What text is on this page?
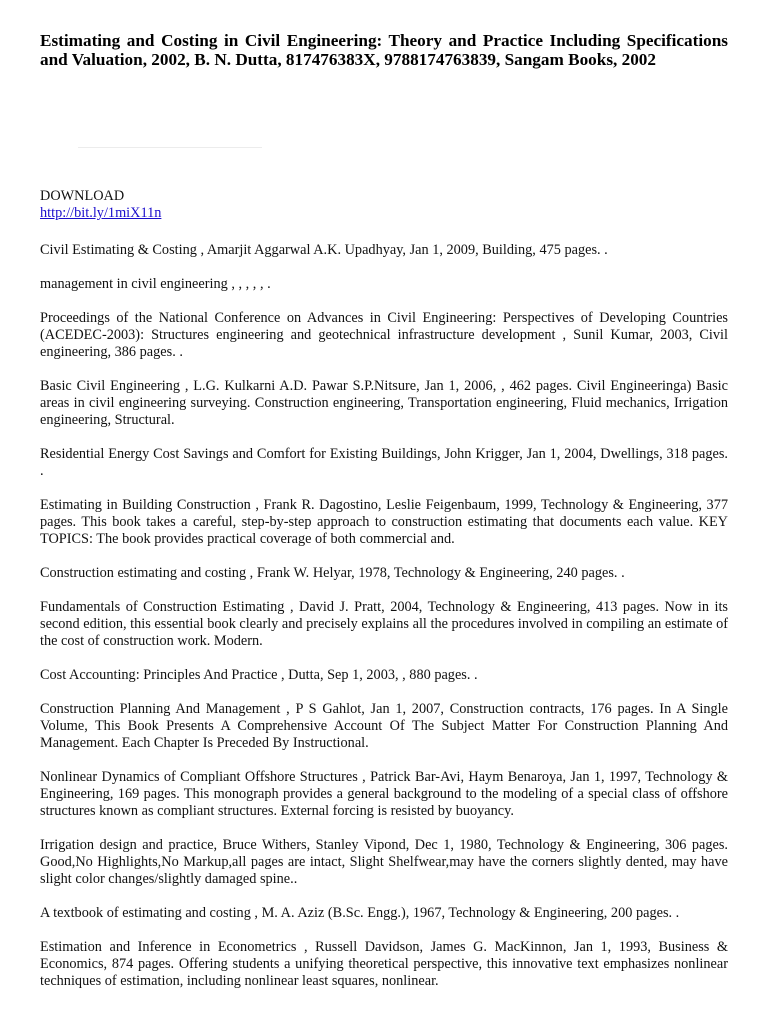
Estimating and Costing in Civil Engineering: Theory and Practice Including Specifications and Valuation, 2002, B. N. Dutta, 817476383X, 9788174763839, Sangam Books, 2002
DOWNLOAD
http://bit.ly/1miX11n

Civil Estimating & Costing , Amarjit Aggarwal A.K. Upadhyay, Jan 1, 2009, Building, 475 pages. .

management in civil engineering , , , , , .

Proceedings of the National Conference on Advances in Civil Engineering: Perspectives of Developing Countries (ACEDEC-2003): Structures engineering and geotechnical infrastructure development , Sunil Kumar, 2003, Civil engineering, 386 pages. .

Basic Civil Engineering , L.G. Kulkarni A.D. Pawar S.P.Nitsure, Jan 1, 2006, , 462 pages. Civil Engineeringa) Basic areas in civil engineering surveying. Construction engineering, Transportation engineering, Fluid mechanics, Irrigation engineering, Structural.

Residential Energy Cost Savings and Comfort for Existing Buildings, John Krigger, Jan 1, 2004, Dwellings, 318 pages. .

Estimating in Building Construction , Frank R. Dagostino, Leslie Feigenbaum, 1999, Technology & Engineering, 377 pages. This book takes a careful, step-by-step approach to construction estimating that documents each value. KEY TOPICS: The book provides practical coverage of both commercial and.

Construction estimating and costing , Frank W. Helyar, 1978, Technology & Engineering, 240 pages. .

Fundamentals of Construction Estimating , David J. Pratt, 2004, Technology & Engineering, 413 pages. Now in its second edition, this essential book clearly and precisely explains all the procedures involved in compiling an estimate of the cost of construction work. Modern.

Cost Accounting: Principles And Practice , Dutta, Sep 1, 2003, , 880 pages. .

Construction Planning And Management , P S Gahlot, Jan 1, 2007, Construction contracts, 176 pages. In A Single Volume, This Book Presents A Comprehensive Account Of The Subject Matter For Construction Planning And Management. Each Chapter Is Preceded By Instructional.

Nonlinear Dynamics of Compliant Offshore Structures , Patrick Bar-Avi, Haym Benaroya, Jan 1, 1997, Technology & Engineering, 169 pages. This monograph provides a general background to the modeling of a special class of offshore structures known as compliant structures. External forcing is resisted by buoyancy.

Irrigation design and practice, Bruce Withers, Stanley Vipond, Dec 1, 1980, Technology & Engineering, 306 pages. Good,No Highlights,No Markup,all pages are intact, Slight Shelfwear,may have the corners slightly dented, may have slight color changes/slightly damaged spine..

A textbook of estimating and costing , M. A. Aziz (B.Sc. Engg.), 1967, Technology & Engineering, 200 pages. .

Estimation and Inference in Econometrics , Russell Davidson, James G. MacKinnon, Jan 1, 1993, Business & Economics, 874 pages. Offering students a unifying theoretical perspective, this innovative text emphasizes nonlinear techniques of estimation, including nonlinear least squares, nonlinear.
